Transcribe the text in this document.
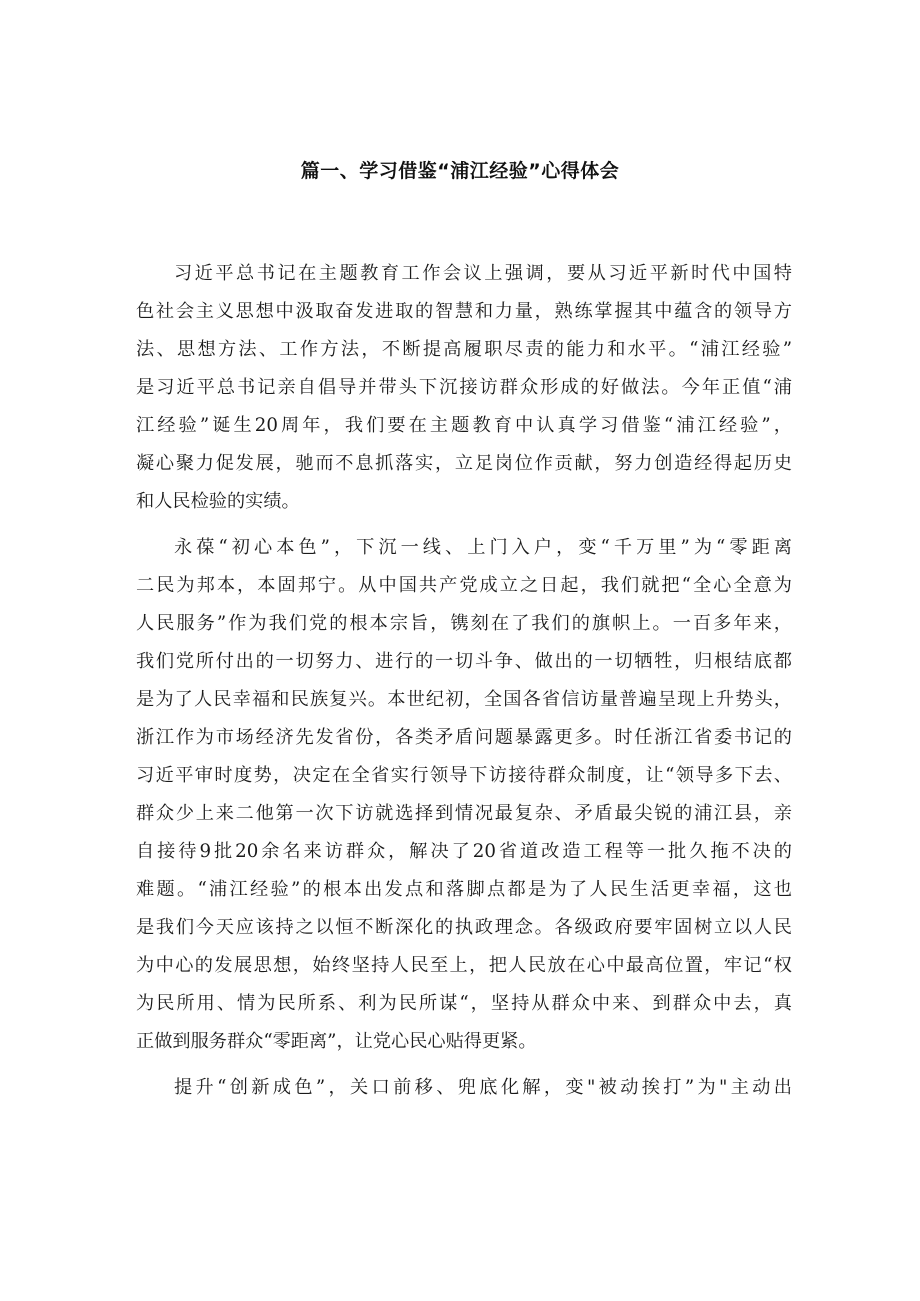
篇一、学习借鉴“浦江经验”心得体会
习近平总书记在主题教育工作会议上强调，要从习近平新时代中国特
色社会主义思想中汲取奋发进取的智慧和力量，熟练掌握其中蕴含的领导方
法、思想方法、工作方法，不断提高履职尽责的能力和水平。“浦江经验”
是习近平总书记亲自倡导并带头下沉接访群众形成的好做法。今年正值“浦
江经验”诞生20周年，我们要在主题教育中认真学习借鉴“浦江经验”，
凝心聚力促发展，驰而不息抓落实，立足岗位作贡献，努力创造经得起历史
和人民检验的实绩。
永葆“初心本色”，下沉一线、上门入户，变“千万里”为“零距离
二民为邦本，本固邦宁。从中国共产党成立之日起，我们就把“全心全意为
人民服务”作为我们党的根本宗旨，镌刻在了我们的旗帜上。一百多年来，
我们党所付出的一切努力、进行的一切斗争、做出的一切牺牲，归根结底都
是为了人民幸福和民族复兴。本世纪初，全国各省信访量普遍呈现上升势头，
浙江作为市场经济先发省份，各类矛盾问题暴露更多。时任浙江省委书记的
习近平审时度势，决定在全省实行领导下访接待群众制度，让“领导多下去、
群众少上来二他第一次下访就选择到情况最复杂、矛盾最尖锐的浦江县，亲
自接待9批20余名来访群众，解决了20省道改造工程等一批久拖不决的
难题。“浦江经验”的根本出发点和落脚点都是为了人民生活更幸福，这也
是我们今天应该持之以恒不断深化的执政理念。各级政府要牢固树立以人民
为中心的发展思想，始终坚持人民至上，把人民放在心中最高位置，牢记“权
为民所用、情为民所系、利为民所谋“，坚持从群众中来、到群众中去，真
正做到服务群众“零距离”，让党心民心贴得更紧。
提升“创新成色”，关口前移、兜底化解，变"被动挨打”为"主动出
